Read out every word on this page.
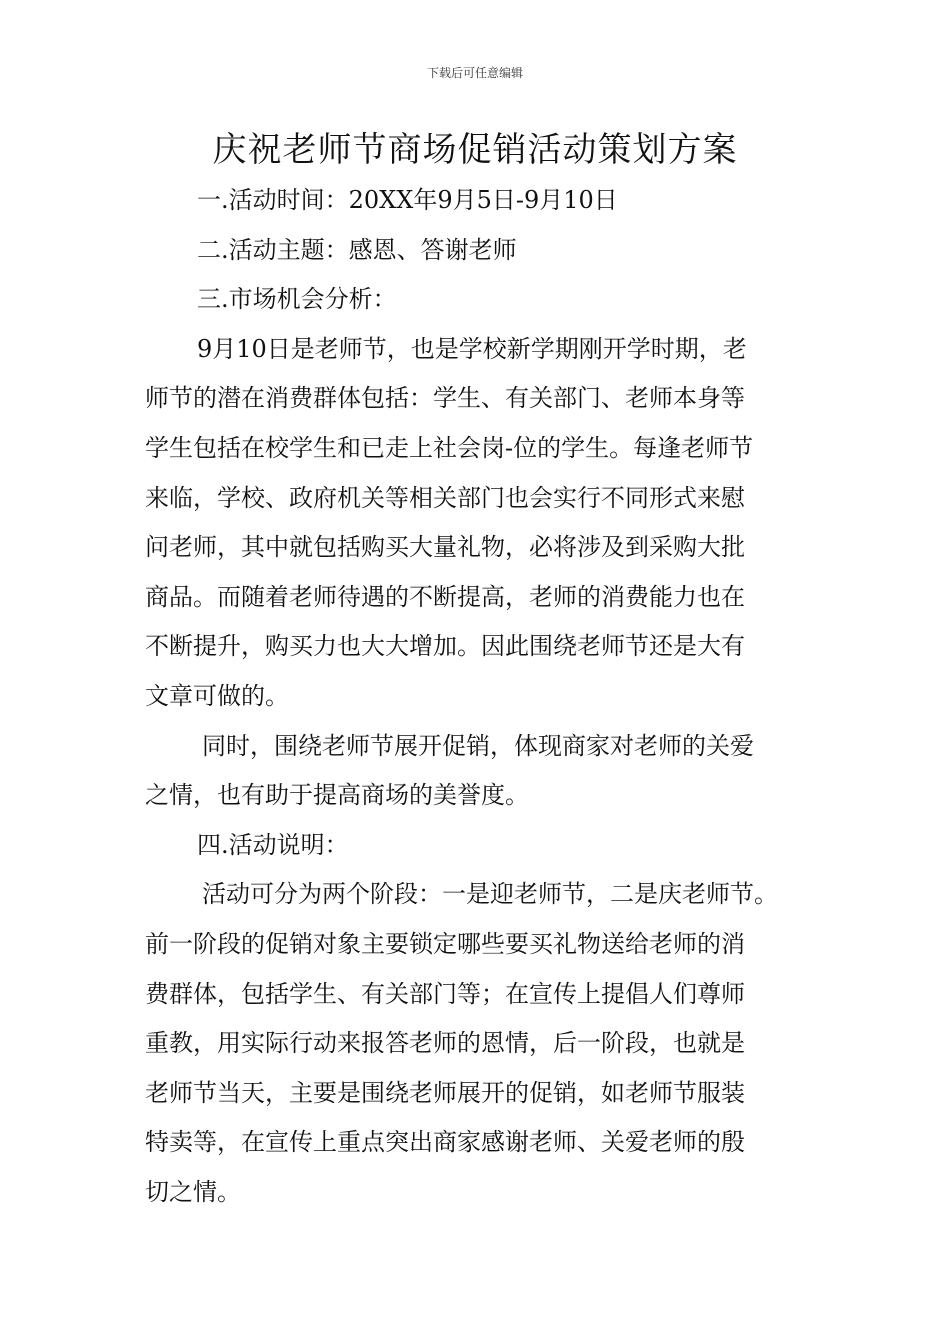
下载后可任意编辑
庆祝老师节商场促销活动策划方案
一.活动时间：20XX年9月5日-9月10日
二.活动主题：感恩、答谢老师
三.市场机会分析：
9月10日是老师节，也是学校新学期刚开学时期，老
师节的潜在消费群体包括：学生、有关部门、老师本身等
学生包括在校学生和已走上社会岗-位的学生。每逢老师节
来临，学校、政府机关等相关部门也会实行不同形式来慰
问老师，其中就包括购买大量礼物，必将涉及到采购大批
商品。而随着老师待遇的不断提高，老师的消费能力也在
不断提升，购买力也大大增加。因此围绕老师节还是大有
文章可做的。
同时，围绕老师节展开促销，体现商家对老师的关爱
之情，也有助于提高商场的美誉度。
四.活动说明：
活动可分为两个阶段：一是迎老师节，二是庆老师节。
前一阶段的促销对象主要锁定哪些要买礼物送给老师的消
费群体，包括学生、有关部门等；在宣传上提倡人们尊师
重教，用实际行动来报答老师的恩情，后一阶段，也就是
老师节当天，主要是围绕老师展开的促销，如老师节服装
特卖等，在宣传上重点突出商家感谢老师、关爱老师的殷
切之情。
